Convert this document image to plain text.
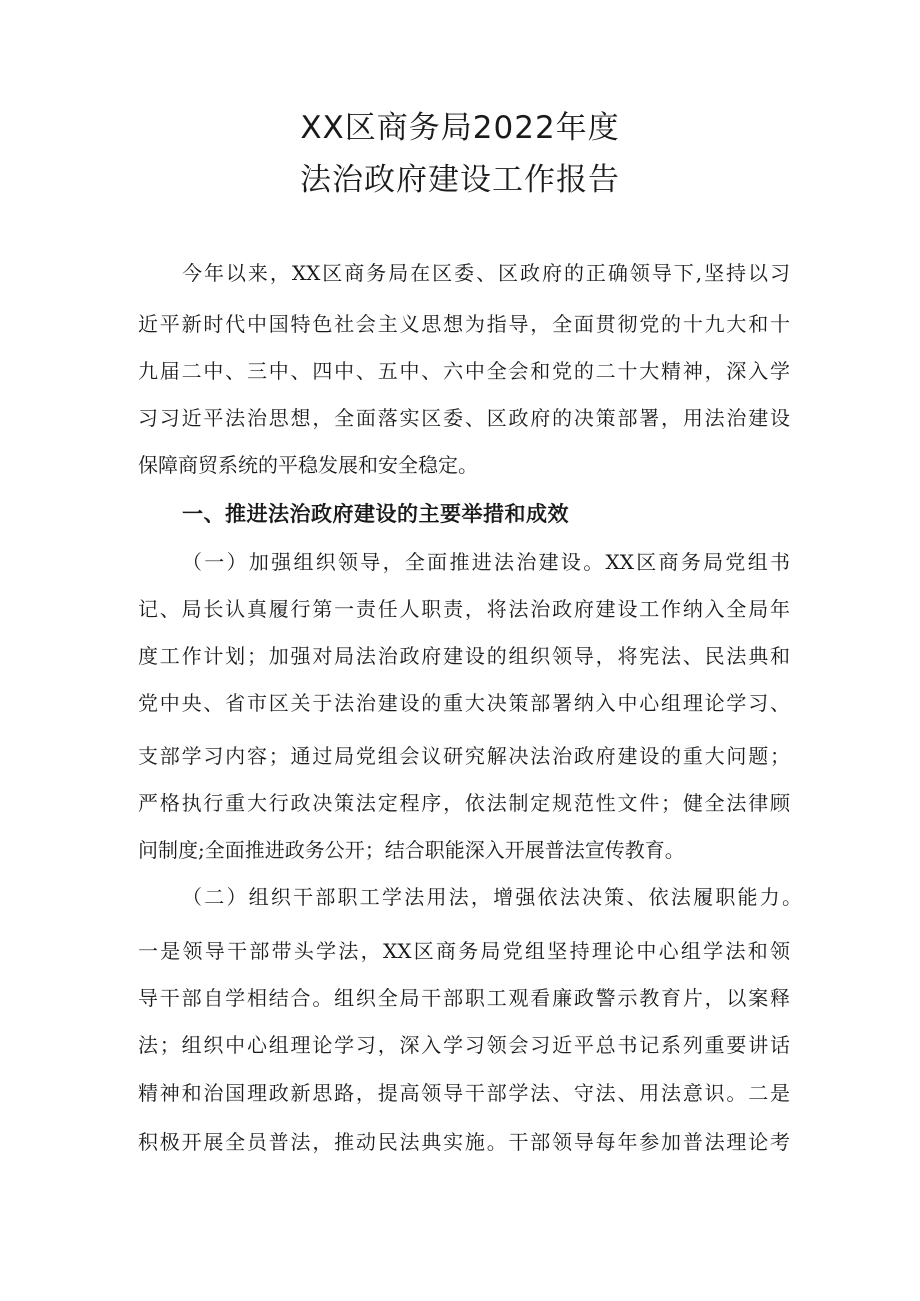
XX区商务局2022年度
法治政府建设工作报告
今年以来，XX区商务局在区委、区政府的正确领导下,坚持以习
近平新时代中国特色社会主义思想为指导，全面贯彻党的十九大和十
九届二中、三中、四中、五中、六中全会和党的二十大精神，深入学
习习近平法治思想，全面落实区委、区政府的决策部署，用法治建设
保障商贸系统的平稳发展和安全稳定。
一、推进法治政府建设的主要举措和成效
（一）加强组织领导，全面推进法治建设。XX区商务局党组书
记、局长认真履行第一责任人职责，将法治政府建设工作纳入全局年
度工作计划；加强对局法治政府建设的组织领导，将宪法、民法典和
党中央、省市区关于法治建设的重大决策部署纳入中心组理论学习、
支部学习内容；通过局党组会议研究解决法治政府建设的重大问题；
严格执行重大行政决策法定程序，依法制定规范性文件；健全法律顾
问制度;全面推进政务公开；结合职能深入开展普法宣传教育。
（二）组织干部职工学法用法，增强依法决策、依法履职能力。
一是领导干部带头学法，XX区商务局党组坚持理论中心组学法和领
导干部自学相结合。组织全局干部职工观看廉政警示教育片，以案释
法；组织中心组理论学习，深入学习领会习近平总书记系列重要讲话
精神和治国理政新思路，提高领导干部学法、守法、用法意识。二是
积极开展全员普法，推动民法典实施。干部领导每年参加普法理论考
